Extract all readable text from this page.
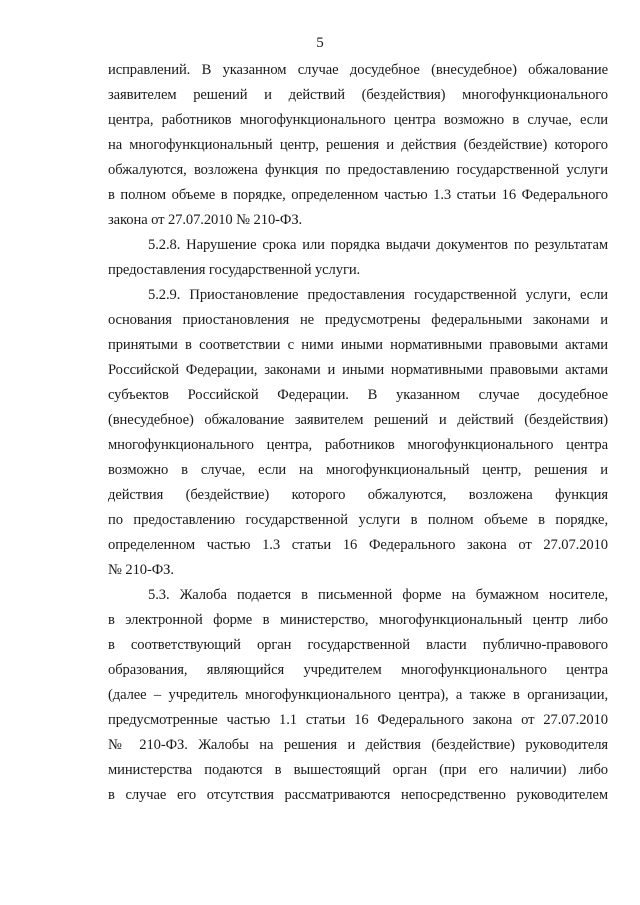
5
исправлений. В указанном случае досудебное (внесудебное) обжалование
заявителем решений и действий (бездействия) многофункционального
центра, работников многофункционального центра возможно в случае, если
на многофункциональный центр, решения и действия (бездействие) которого
обжалуются, возложена функция по предоставлению государственной услуги
в полном объеме в порядке, определенном частью 1.3 статьи 16 Федерального
закона от 27.07.2010 № 210-ФЗ.
5.2.8. Нарушение срока или порядка выдачи документов по результатам
предоставления государственной услуги.
5.2.9. Приостановление предоставления государственной услуги, если
основания приостановления не предусмотрены федеральными законами и
принятыми в соответствии с ними иными нормативными правовыми актами
Российской Федерации, законами и иными нормативными правовыми актами
субъектов Российской Федерации. В указанном случае досудебное
(внесудебное) обжалование заявителем решений и действий (бездействия)
многофункционального центра, работников многофункционального центра
возможно в случае, если на многофункциональный центр, решения и
действия (бездействие) которого обжалуются, возложена функция
по предоставлению государственной услуги в полном объеме в порядке,
определенном частью 1.3 статьи 16 Федерального закона от 27.07.2010
№ 210-ФЗ.
5.3. Жалоба подается в письменной форме на бумажном носителе,
в электронной форме в министерство, многофункциональный центр либо
в соответствующий орган государственной власти публично-правового
образования, являющийся учредителем многофункционального центра
(далее – учредитель многофункционального центра), а также в организации,
предусмотренные частью 1.1 статьи 16 Федерального закона от 27.07.2010
№ 210-ФЗ. Жалобы на решения и действия (бездействие) руководителя
министерства подаются в вышестоящий орган (при его наличии) либо
в случае его отсутствия рассматриваются непосредственно руководителем
